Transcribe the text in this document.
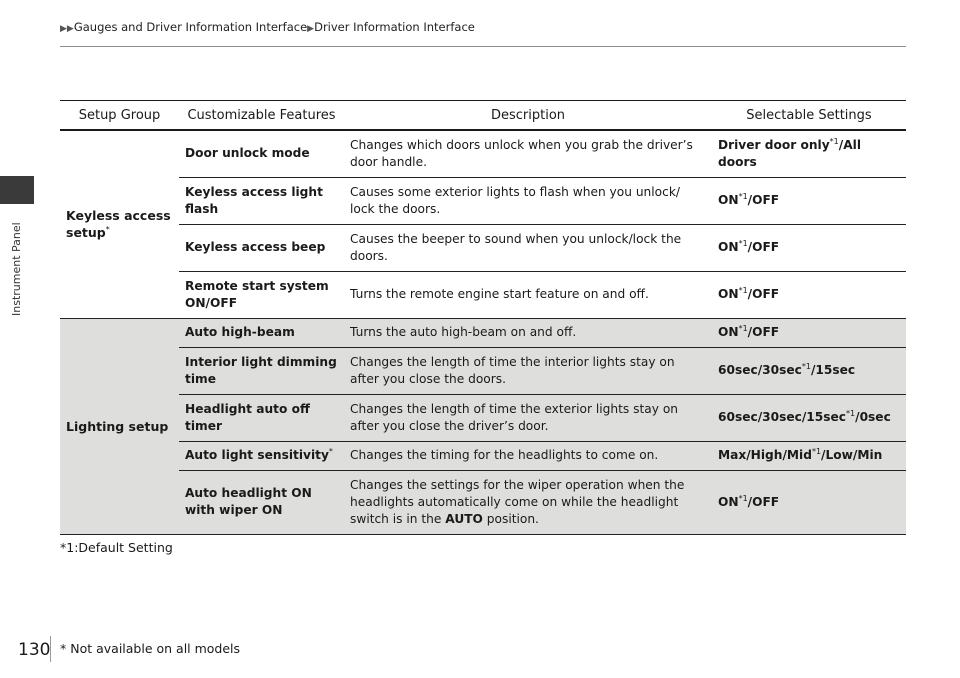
Instrument Panel
▶▶Gauges and Driver Information Interface▶Driver Information Interface
Setup Group	Customizable Features	Description	Selectable Settings
Keyless access setup*	Door unlock mode	Changes which doors unlock when you grab the driver’s door handle.	Driver door only$^{*1}$/All doors
	Keyless access light flash	Causes some exterior lights to flash when you unlock/ lock the doors.	ON$^{*1}$/OFF
	Keyless access beep	Causes the beeper to sound when you unlock/lock the doors.	ON$^{*1}$/OFF
	Remote start system ON/OFF	Turns the remote engine start feature on and off.	ON$^{*1}$/OFF
Lighting setup	Auto high-beam	Turns the auto high-beam on and off.	ON$^{*1}$/OFF
	Interior light dimming time	Changes the length of time the interior lights stay on after you close the doors.	$60\sec/30\sec^{*1}/15\sec$
	Headlight auto off timer	Changes the length of time the exterior lights stay on after you close the driver’s door.	$60\sec/30\sec/15\sec^{*1}/0\sec$
	Auto light sensitivity*	Changes the timing for the headlights to come on.	Max/High/Mid$^{*1}$/Low/Min
	Auto headlight ON with wiper ON	Changes the settings for the wiper operation when the headlights automatically come on while the headlight switch is in the AUTO position.	ON$^{*1}$/OFF
*1:Default Setting
130 * Not available on all models
